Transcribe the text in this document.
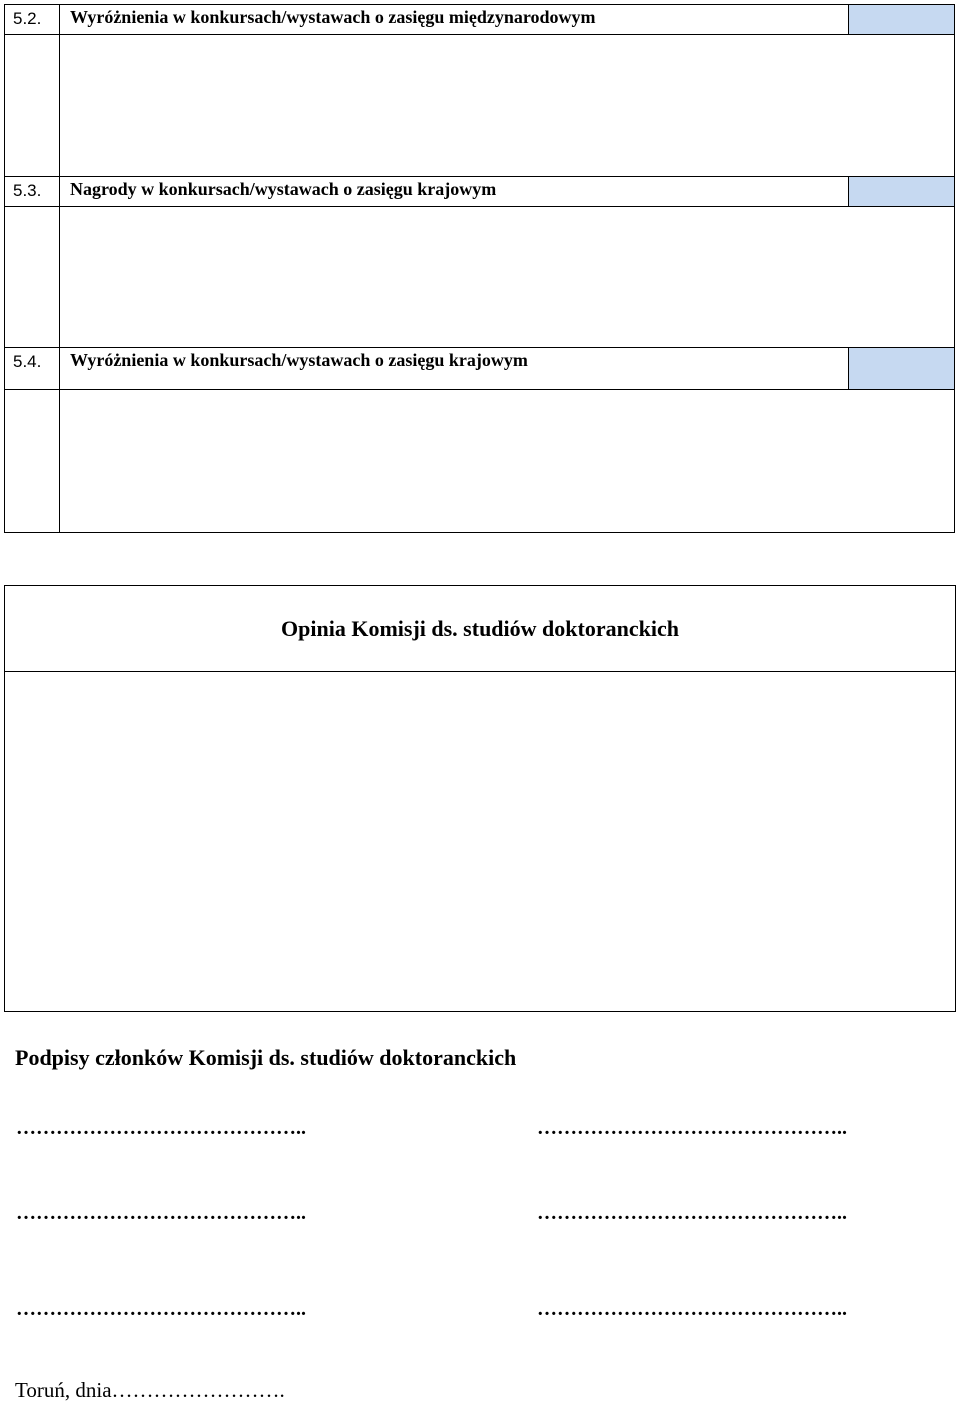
5.2.	Wyróżnienia w konkursach/wystawach o zasięgu międzynarodowym
5.3.	Nagrody w konkursach/wystawach o zasięgu krajowym
5.4.	Wyróżnienia w konkursach/wystawach o zasięgu krajowym
Opinia Komisji ds. studiów doktoranckich
Podpisy członków Komisji ds. studiów doktoranckich
……………………………………..	………………………………………..
……………………………………..	………………………………………..
……………………………………..	………………………………………..
Toruń, dnia…………………….
